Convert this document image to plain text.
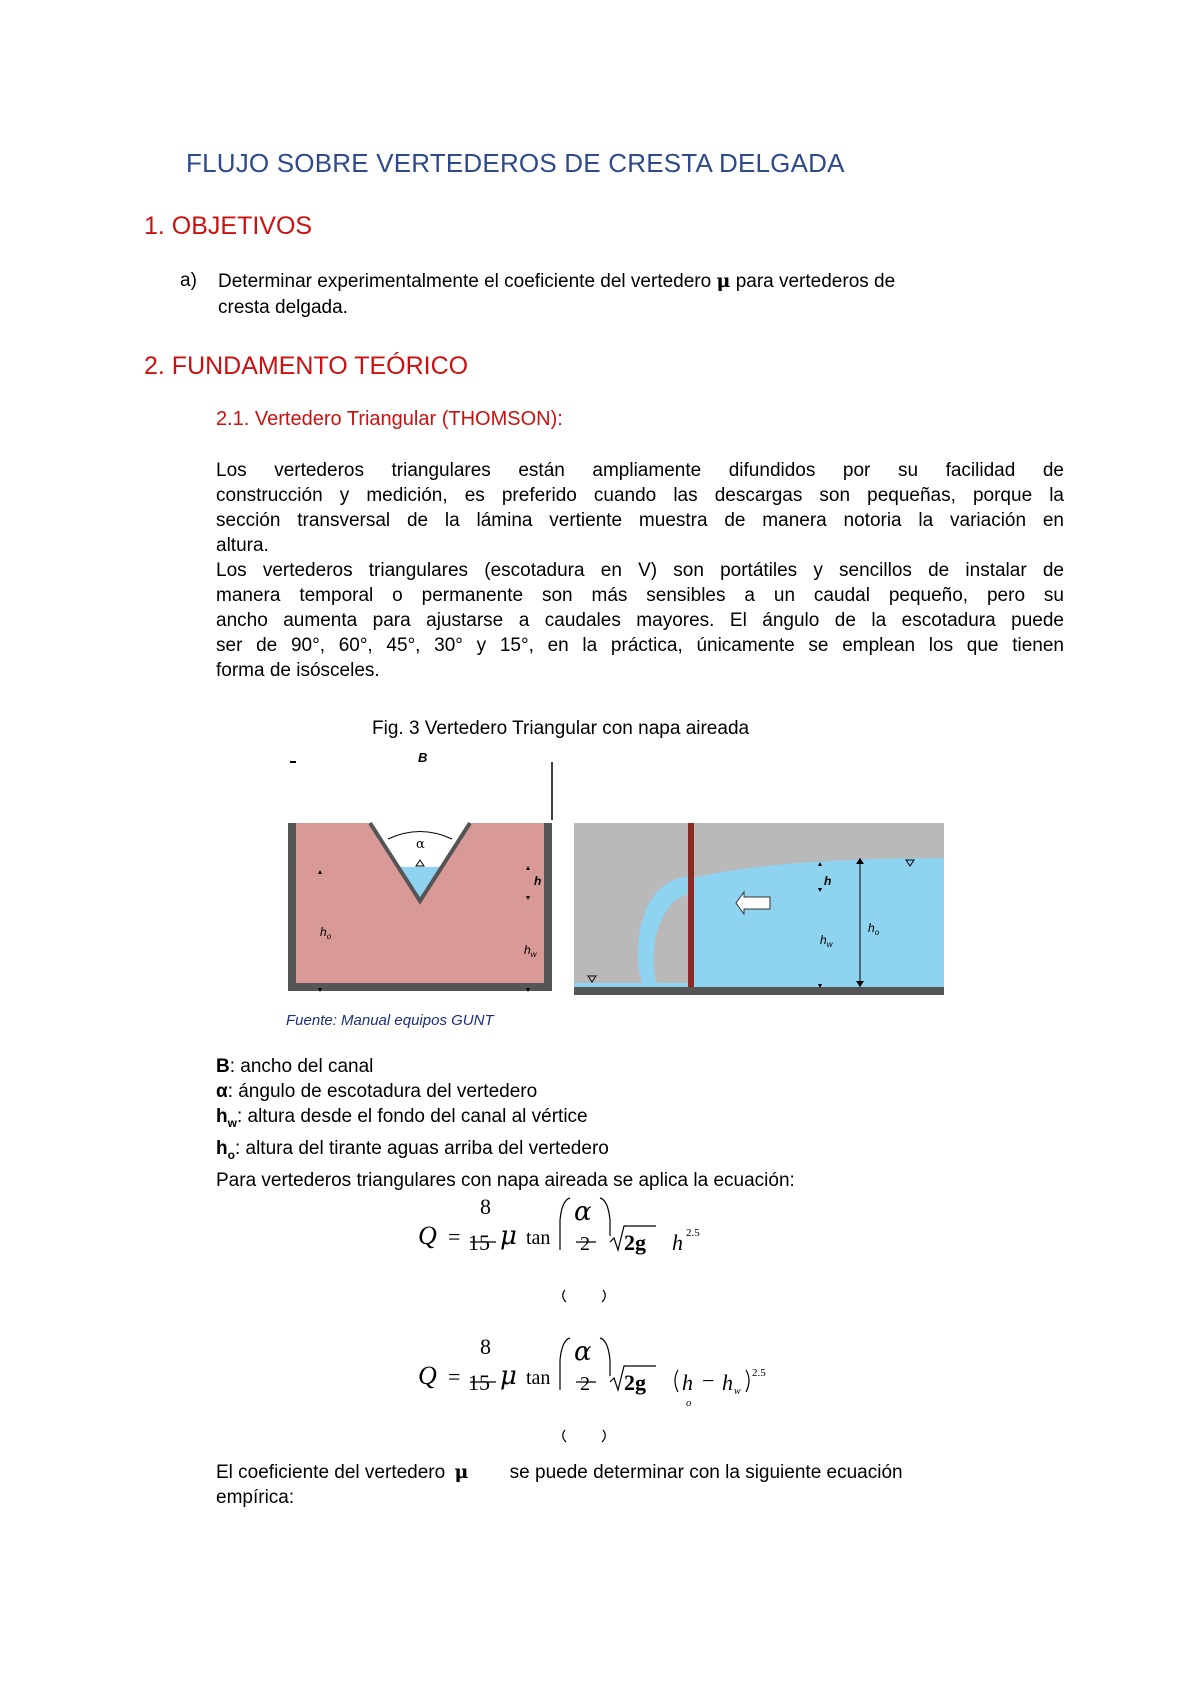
FLUJO SOBRE VERTEDEROS DE CRESTA DELGADA
1. OBJETIVOS
a) Determinar experimentalmente el coeficiente del vertedero μ para vertederos de
cresta delgada.
2. FUNDAMENTO TEÓRICO
2.1. Vertedero Triangular (THOMSON):
Los vertederos triangulares están ampliamente difundidos por su facilidad de
construcción y medición, es preferido cuando las descargas son pequeñas, porque la
sección transversal de la lámina vertiente muestra de manera notoria la variación en
altura.
Los vertederos triangulares (escotadura en V) son portátiles y sencillos de instalar de
manera temporal o permanente son más sensibles a un caudal pequeño, pero su
ancho aumenta para ajustarse a caudales mayores. El ángulo de la escotadura puede
ser de 90°, 60°, 45°, 30° y 15°, en la práctica, únicamente se emplean los que tienen
forma de isósceles.
Fig. 3 Vertedero Triangular con napa aireada
B
α
$h_o$
h
$h_w$
h
$h_w$
$h_o$
Fuente: Manual equipos GUNT
B: ancho del canal
α: ángulo de escotadura del vertedero
$h_w$: altura desde el fondo del canal al vértice
$h_o$: altura del tirante aguas arriba del vertedero
Para vertederos triangulares con napa aireada se aplica la ecuación:
Q =
8
15 μ tan
α
2 2g h 2.5
Q =
8
15 μ tan
α
2 2g h
o
− h w
2.5
El coeficiente del vertedero μ se puede determinar con la siguiente ecuación
empírica:
